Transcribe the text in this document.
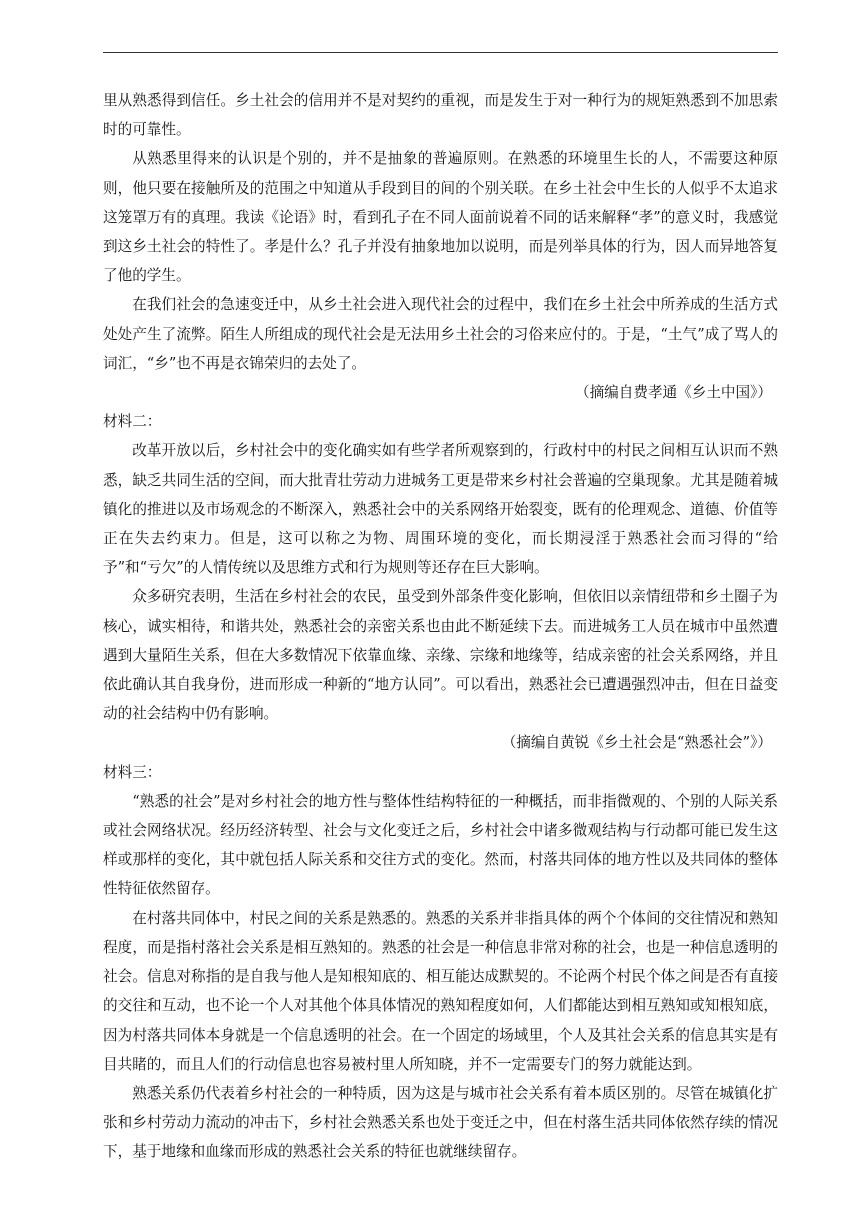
里从熟悉得到信任。乡土社会的信用并不是对契约的重视，而是发生于对一种行为的规矩熟悉到不加思索时的可靠性。

从熟悉里得来的认识是个别的，并不是抽象的普遍原则。在熟悉的环境里生长的人，不需要这种原则，他只要在接触所及的范围之中知道从手段到目的间的个别关联。在乡土社会中生长的人似乎不太追求这笼罩万有的真理。我读《论语》时，看到孔子在不同人面前说着不同的话来解释“孝”的意义时，我感觉到这乡土社会的特性了。孝是什么？孔子并没有抽象地加以说明，而是列举具体的行为，因人而异地答复了他的学生。

在我们社会的急速变迁中，从乡土社会进入现代社会的过程中，我们在乡土社会中所养成的生活方式处处产生了流弊。陌生人所组成的现代社会是无法用乡土社会的习俗来应付的。于是，“土气”成了骂人的词汇，“乡”也不再是衣锦荣归的去处了。

（摘编自费孝通《乡土中国》）

材料二：

改革开放以后，乡村社会中的变化确实如有些学者所观察到的，行政村中的村民之间相互认识而不熟悉，缺乏共同生活的空间，而大批青壮劳动力进城务工更是带来乡村社会普遍的空巢现象。尤其是随着城镇化的推进以及市场观念的不断深入，熟悉社会中的关系网络开始裂变，既有的伦理观念、道德、价值等正在失去约束力。但是，这可以称之为物、周围环境的变化，而长期浸淫于熟悉社会而习得的“给予”和“亏欠”的人情传统以及思维方式和行为规则等还存在巨大影响。

众多研究表明，生活在乡村社会的农民，虽受到外部条件变化影响，但依旧以亲情纽带和乡土圈子为核心，诚实相待，和谐共处，熟悉社会的亲密关系也由此不断延续下去。而进城务工人员在城市中虽然遭遇到大量陌生关系，但在大多数情况下依靠血缘、亲缘、宗缘和地缘等，结成亲密的社会关系网络，并且依此确认其自我身份，进而形成一种新的“地方认同”。可以看出，熟悉社会已遭遇强烈冲击，但在日益变动的社会结构中仍有影响。

（摘编自黄锐《乡土社会是“熟悉社会”》）

材料三：

“熟悉的社会”是对乡村社会的地方性与整体性结构特征的一种概括，而非指微观的、个别的人际关系或社会网络状况。经历经济转型、社会与文化变迁之后，乡村社会中诸多微观结构与行动都可能已发生这样或那样的变化，其中就包括人际关系和交往方式的变化。然而，村落共同体的地方性以及共同体的整体性特征依然留存。

在村落共同体中，村民之间的关系是熟悉的。熟悉的关系并非指具体的两个个体间的交往情况和熟知程度，而是指村落社会关系是相互熟知的。熟悉的社会是一种信息非常对称的社会，也是一种信息透明的社会。信息对称指的是自我与他人是知根知底的、相互能达成默契的。不论两个村民个体之间是否有直接的交往和互动，也不论一个人对其他个体具体情况的熟知程度如何，人们都能达到相互熟知或知根知底，因为村落共同体本身就是一个信息透明的社会。在一个固定的场域里，个人及其社会关系的信息其实是有目共睹的，而且人们的行动信息也容易被村里人所知晓，并不一定需要专门的努力就能达到。

熟悉关系仍代表着乡村社会的一种特质，因为这是与城市社会关系有着本质区别的。尽管在城镇化扩张和乡村劳动力流动的冲击下，乡村社会熟悉关系也处于变迁之中，但在村落生活共同体依然存续的情况下，基于地缘和血缘而形成的熟悉社会关系的特征也就继续留存。
